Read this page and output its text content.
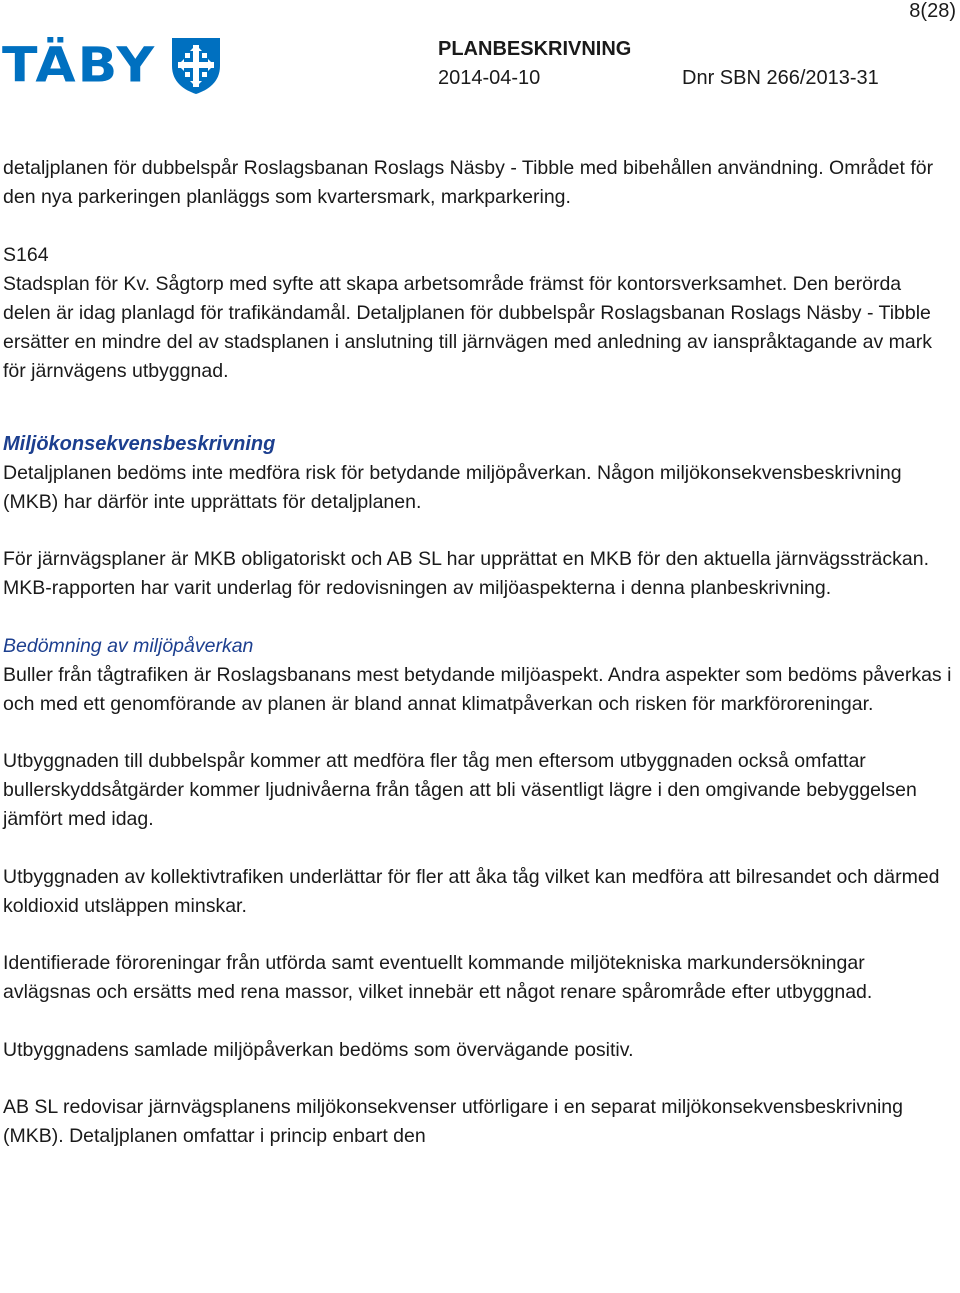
8(28)
TÄBY	PLANBESKRIVNING
2014-04-10	Dnr SBN 266/2013-31

detaljplanen för dubbelspår Roslagsbanan Roslags Näsby - Tibble med bibehållen användning. Området för den nya parkeringen planläggs som kvartersmark, markparkering.

S164

Stadsplan för Kv. Sågtorp med syfte att skapa arbetsområde främst för kontorsverksamhet. Den berörda delen är idag planlagd för trafikändamål. Detaljplanen för dubbelspår Roslagsbanan Roslags Näsby - Tibble ersätter en mindre del av stadsplanen i anslutning till järnvägen med anledning av ianspråktagande av mark för järnvägens utbyggnad.

Miljökonsekvensbeskrivning

Detaljplanen bedöms inte medföra risk för betydande miljöpåverkan. Någon miljökonsekvensbeskrivning (MKB) har därför inte upprättats för detaljplanen.

För järnvägsplaner är MKB obligatoriskt och AB SL har upprättat en MKB för den aktuella järnvägssträckan. MKB-rapporten har varit underlag för redovisningen av miljöaspekterna i denna planbeskrivning.

Bedömning av miljöpåverkan

Buller från tågtrafiken är Roslagsbanans mest betydande miljöaspekt. Andra aspekter som bedöms påverkas i och med ett genomförande av planen är bland annat klimatpåverkan och risken för markföroreningar.

Utbyggnaden till dubbelspår kommer att medföra fler tåg men eftersom utbyggnaden också omfattar bullerskyddsåtgärder kommer ljudnivåerna från tågen att bli väsentligt lägre i den omgivande bebyggelsen jämfört med idag.

Utbyggnaden av kollektivtrafiken underlättar för fler att åka tåg vilket kan medföra att bilresandet och därmed koldioxid utsläppen minskar.

Identifierade föroreningar från utförda samt eventuellt kommande miljötekniska markundersökningar avlägsnas och ersätts med rena massor, vilket innebär ett något renare spårområde efter utbyggnad.

Utbyggnadens samlade miljöpåverkan bedöms som övervägande positiv.

AB SL redovisar järnvägsplanens miljökonsekvenser utförligare i en separat miljökonsekvensbeskrivning (MKB). Detaljplanen omfattar i princip enbart den
